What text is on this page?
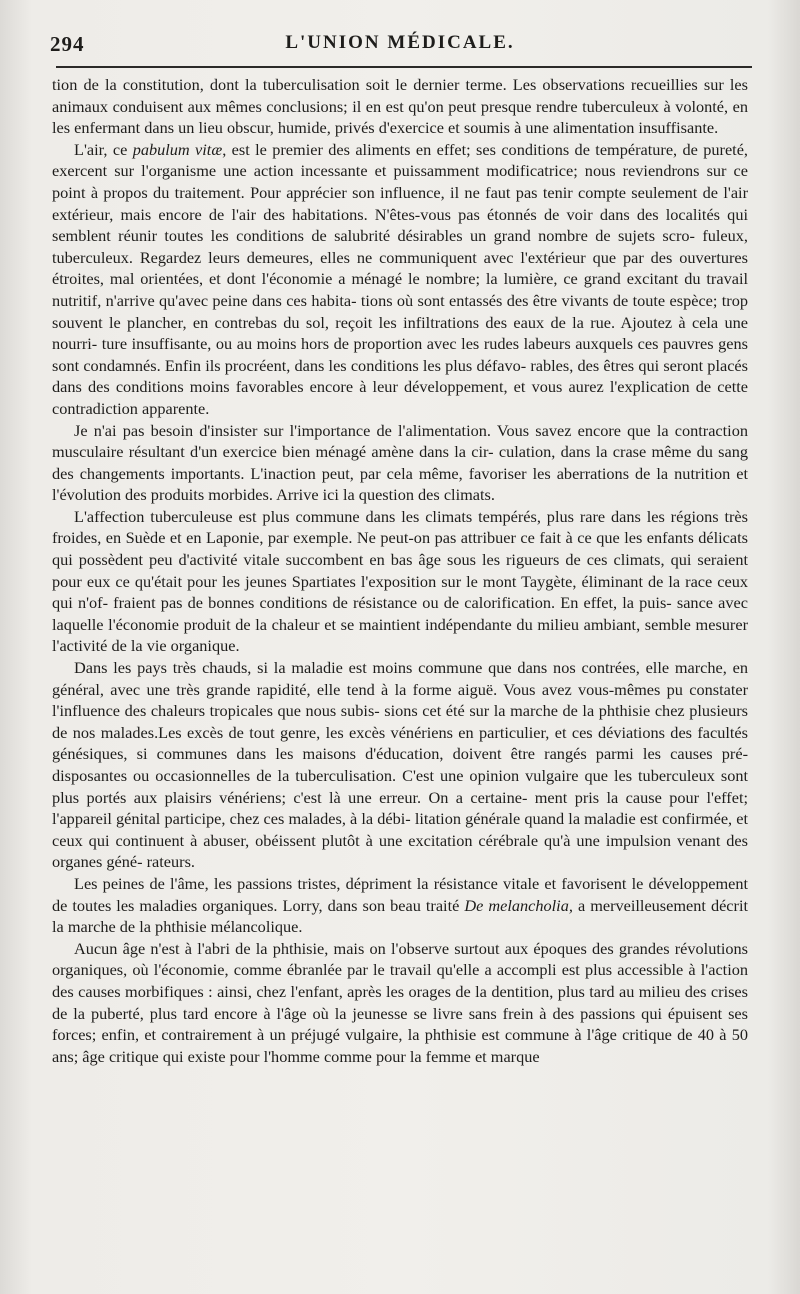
294	L'UNION MÉDICALE.

tion de la constitution, dont la tuberculisation soit le dernier terme. Les observations recueillies sur les animaux conduisent aux mêmes conclusions; il en est qu'on peut presque rendre tuberculeux à volonté, en les enfermant dans un lieu obscur, humide, privés d'exercice et soumis à une alimentation insuffisante.

L'air, ce pabulum vitæ, est le premier des aliments en effet; ses conditions de température, de pureté, exercent sur l'organisme une action incessante et puissamment modificatrice; nous reviendrons sur ce point à propos du traitement. Pour apprécier son influence, il ne faut pas tenir compte seulement de l'air extérieur, mais encore de l'air des habitations. N'êtes-vous pas étonnés de voir dans des localités qui semblent réunir toutes les conditions de salubrité désirables un grand nombre de sujets scro- fuleux, tuberculeux. Regardez leurs demeures, elles ne communiquent avec l'extérieur que par des ouvertures étroites, mal orientées, et dont l'économie a ménagé le nombre; la lumière, ce grand excitant du travail nutritif, n'arrive qu'avec peine dans ces habita- tions où sont entassés des être vivants de toute espèce; trop souvent le plancher, en contrebas du sol, reçoit les infiltrations des eaux de la rue. Ajoutez à cela une nourri- ture insuffisante, ou au moins hors de proportion avec les rudes labeurs auxquels ces pauvres gens sont condamnés. Enfin ils procréent, dans les conditions les plus défavo- rables, des êtres qui seront placés dans des conditions moins favorables encore à leur développement, et vous aurez l'explication de cette contradiction apparente.

Je n'ai pas besoin d'insister sur l'importance de l'alimentation. Vous savez encore que la contraction musculaire résultant d'un exercice bien ménagé amène dans la cir- culation, dans la crase même du sang des changements importants. L'inaction peut, par cela même, favoriser les aberrations de la nutrition et l'évolution des produits morbides. Arrive ici la question des climats.

L'affection tuberculeuse est plus commune dans les climats tempérés, plus rare dans les régions très froides, en Suède et en Laponie, par exemple. Ne peut-on pas attribuer ce fait à ce que les enfants délicats qui possèdent peu d'activité vitale succombent en bas âge sous les rigueurs de ces climats, qui seraient pour eux ce qu'était pour les jeunes Spartiates l'exposition sur le mont Taygète, éliminant de la race ceux qui n'of- fraient pas de bonnes conditions de résistance ou de calorification. En effet, la puis- sance avec laquelle l'économie produit de la chaleur et se maintient indépendante du milieu ambiant, semble mesurer l'activité de la vie organique.

Dans les pays très chauds, si la maladie est moins commune que dans nos contrées, elle marche, en général, avec une très grande rapidité, elle tend à la forme aiguë. Vous avez vous-mêmes pu constater l'influence des chaleurs tropicales que nous subis- sions cet été sur la marche de la phthisie chez plusieurs de nos malades.Les excès de tout genre, les excès vénériens en particulier, et ces déviations des facultés génésiques, si communes dans les maisons d'éducation, doivent être rangés parmi les causes pré- disposantes ou occasionnelles de la tuberculisation. C'est une opinion vulgaire que les tuberculeux sont plus portés aux plaisirs vénériens; c'est là une erreur. On a certaine- ment pris la cause pour l'effet; l'appareil génital participe, chez ces malades, à la débi- litation générale quand la maladie est confirmée, et ceux qui continuent à abuser, obéissent plutôt à une excitation cérébrale qu'à une impulsion venant des organes géné- rateurs.

Les peines de l'âme, les passions tristes, dépriment la résistance vitale et favorisent le développement de toutes les maladies organiques. Lorry, dans son beau traité De melancholia, a merveilleusement décrit la marche de la phthisie mélancolique.

Aucun âge n'est à l'abri de la phthisie, mais on l'observe surtout aux époques des grandes révolutions organiques, où l'économie, comme ébranlée par le travail qu'elle a accompli est plus accessible à l'action des causes morbifiques : ainsi, chez l'enfant, après les orages de la dentition, plus tard au milieu des crises de la puberté, plus tard encore à l'âge où la jeunesse se livre sans frein à des passions qui épuisent ses forces; enfin, et contrairement à un préjugé vulgaire, la phthisie est commune à l'âge critique de 40 à 50 ans; âge critique qui existe pour l'homme comme pour la femme et marque
